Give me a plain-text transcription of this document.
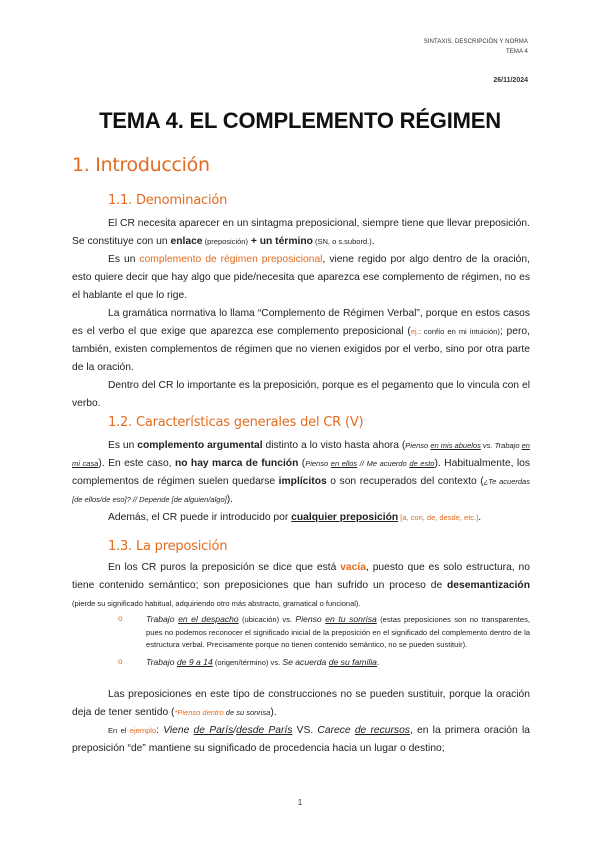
SINTAXIS. DESCRIPCIÓN Y NORMA
TEMA 4
26/11/2024
TEMA 4. EL COMPLEMENTO RÉGIMEN
1. Introducción
1.1. Denominación

El CR necesita aparecer en un sintagma preposicional, siempre tiene que llevar preposición. Se constituye con un enlace (preposición) + un término (SN, o s.subord.).

Es un complemento de régimen preposicional, viene regido por algo dentro de la oración, esto quiere decir que hay algo que pide/necesita que aparezca ese complemento de régimen, no es el hablante el que lo rige.

La gramática normativa lo llama “Complemento de Régimen Verbal”, porque en estos casos es el verbo el que exige que aparezca ese complemento preposicional (ej.: confío en mi intuición); pero, también, existen complementos de régimen que no vienen exigidos por el verbo, sino por otra parte de la oración.

Dentro del CR lo importante es la preposición, porque es el pegamento que lo vincula con el verbo.

1.2. Características generales del CR (V)

Es un complemento argumental distinto a lo visto hasta ahora (Pienso en mis abuelos vs. Trabajo en mi casa). En este caso, no hay marca de función (Pienso en ellos // Me acuerdo de esto). Habitualmente, los complementos de régimen suelen quedarse implícitos o son recuperados del contexto (¿Te acuerdas [de ellos/de eso]? // Depende [de alguien/algo]).

Además, el CR puede ir introducido por cualquier preposición [a, con, de, desde, etc.].

1.3. La preposición

En los CR puros la preposición se dice que está vacía, puesto que es solo estructura, no tiene contenido semántico; son preposiciones que han sufrido un proceso de desemantización (pierde su significado habitual, adquiriendo otro más abstracto, gramatical o funcional).

o	Trabajo en el despacho (ubicación) vs. Pienso en tu sonrisa (estas preposiciones son no transparentes, pues no podemos reconocer el significado inicial de la preposición en el significado del complemento dentro de la estructura verbal. Precisamente porque no tienen contenido semántico, no se pueden sustituir).
o	Trabajo de 9 a 14 (origen/término) vs. Se acuerda de su familia.

Las preposiciones en este tipo de construcciones no se pueden sustituir, porque la oración deja de tener sentido (*Pienso dentro de su sonrisa).

En el ejemplo: Viene de París/desde París VS. Carece de recursos, en la primera oración la preposición “de” mantiene su significado de procedencia hacia un lugar o destino;

1
